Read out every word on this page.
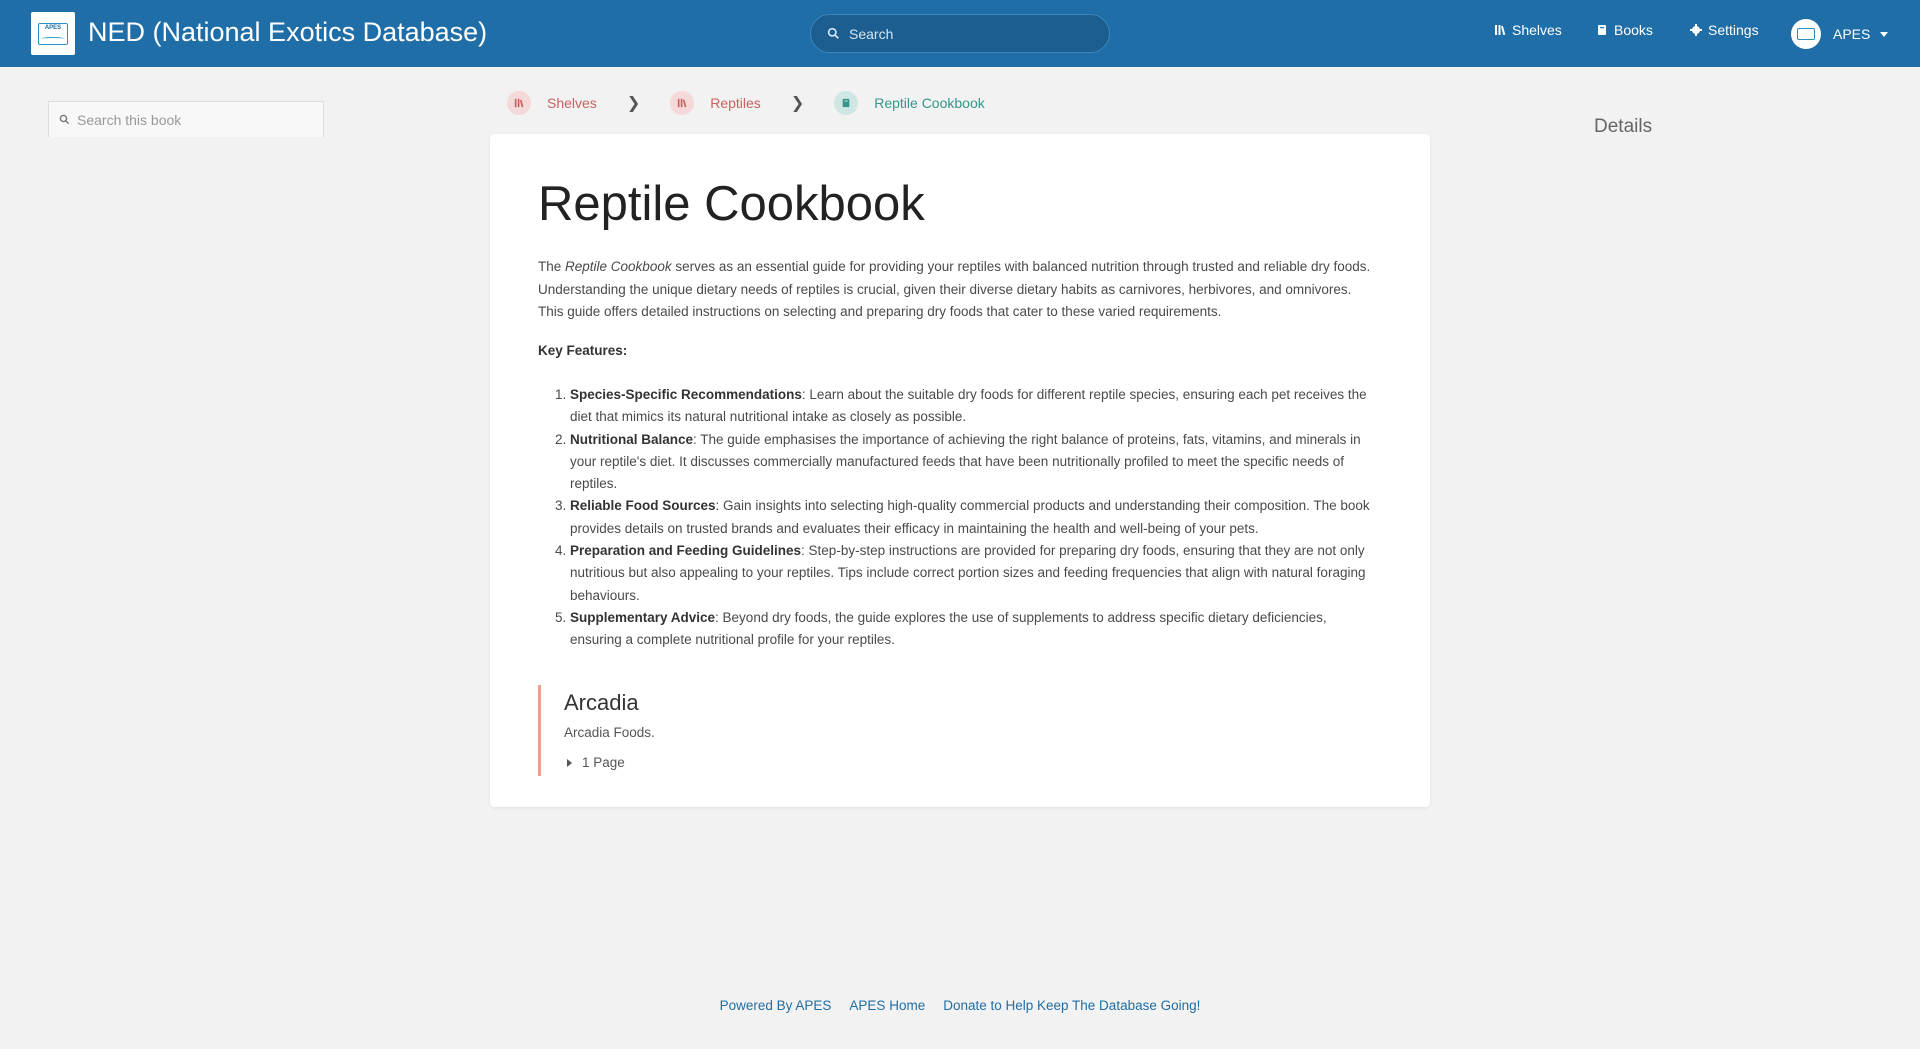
APES NED (National Exotics Database)
Search	Shelves	Books	Settings	APES
Search this book
Shelves ❯	Reptiles ❯	Reptile Cookbook
Details
Reptile Cookbook

The Reptile Cookbook serves as an essential guide for providing your reptiles with balanced nutrition through trusted and reliable dry foods. Understanding the unique dietary needs of reptiles is crucial, given their diverse dietary habits as carnivores, herbivores, and omnivores. This guide offers detailed instructions on selecting and preparing dry foods that cater to these varied requirements.

Key Features:
1. Species-Specific Recommendations: Learn about the suitable dry foods for different reptile species, ensuring each pet receives the diet that mimics its natural nutritional intake as closely as possible.
2. Nutritional Balance: The guide emphasises the importance of achieving the right balance of proteins, fats, vitamins, and minerals in your reptile's diet. It discusses commercially manufactured feeds that have been nutritionally profiled to meet the specific needs of reptiles.
3. Reliable Food Sources: Gain insights into selecting high-quality commercial products and understanding their composition. The book provides details on trusted brands and evaluates their efficacy in maintaining the health and well-being of your pets.
4. Preparation and Feeding Guidelines: Step-by-step instructions are provided for preparing dry foods, ensuring that they are not only nutritious but also appealing to your reptiles. Tips include correct portion sizes and feeding frequencies that align with natural foraging behaviours.
5. Supplementary Advice: Beyond dry foods, the guide explores the use of supplements to address specific dietary deficiencies, ensuring a complete nutritional profile for your reptiles.
Arcadia
Arcadia Foods.
1 Page
Powered By APES APES Home Donate to Help Keep The Database Going!
